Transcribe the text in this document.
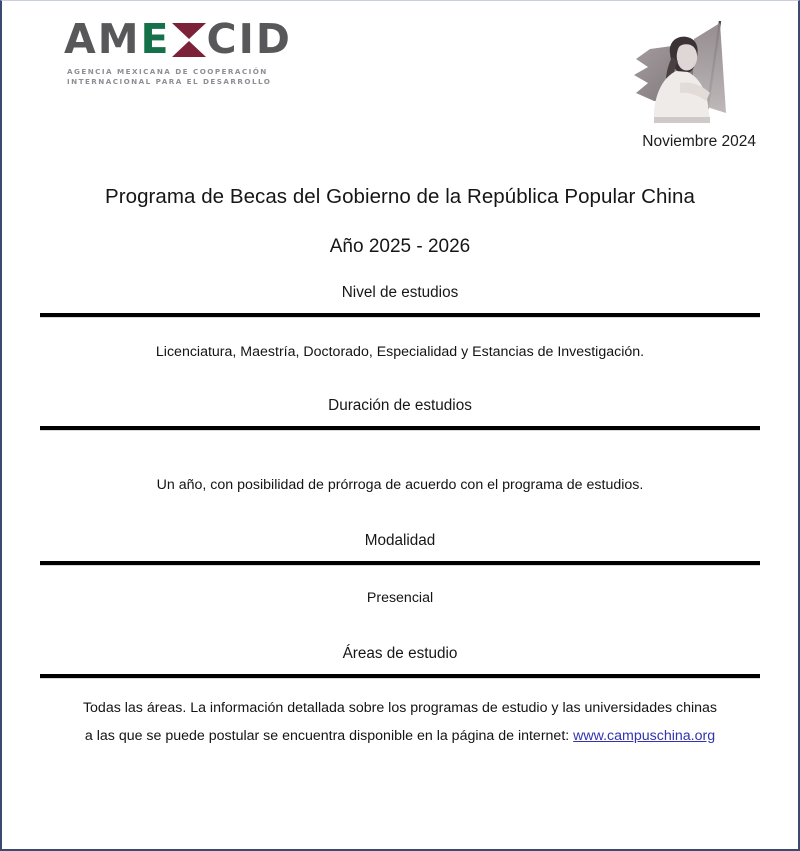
AM E CID
AGENCIA MEXICANA DE COOPERACIÓN
INTERNACIONAL PARA EL DESARROLLO
Noviembre 2024
Programa de Becas del Gobierno de la República Popular China
Año 2025 - 2026
Nivel de estudios
Licenciatura, Maestría, Doctorado, Especialidad y Estancias de Investigación.
Duración de estudios
Un año, con posibilidad de prórroga de acuerdo con el programa de estudios.
Modalidad
Presencial
Áreas de estudio
Todas las áreas. La información detallada sobre los programas de estudio y las universidades chinas
a las que se puede postular se encuentra disponible en la página de internet: www.campuschina.org
